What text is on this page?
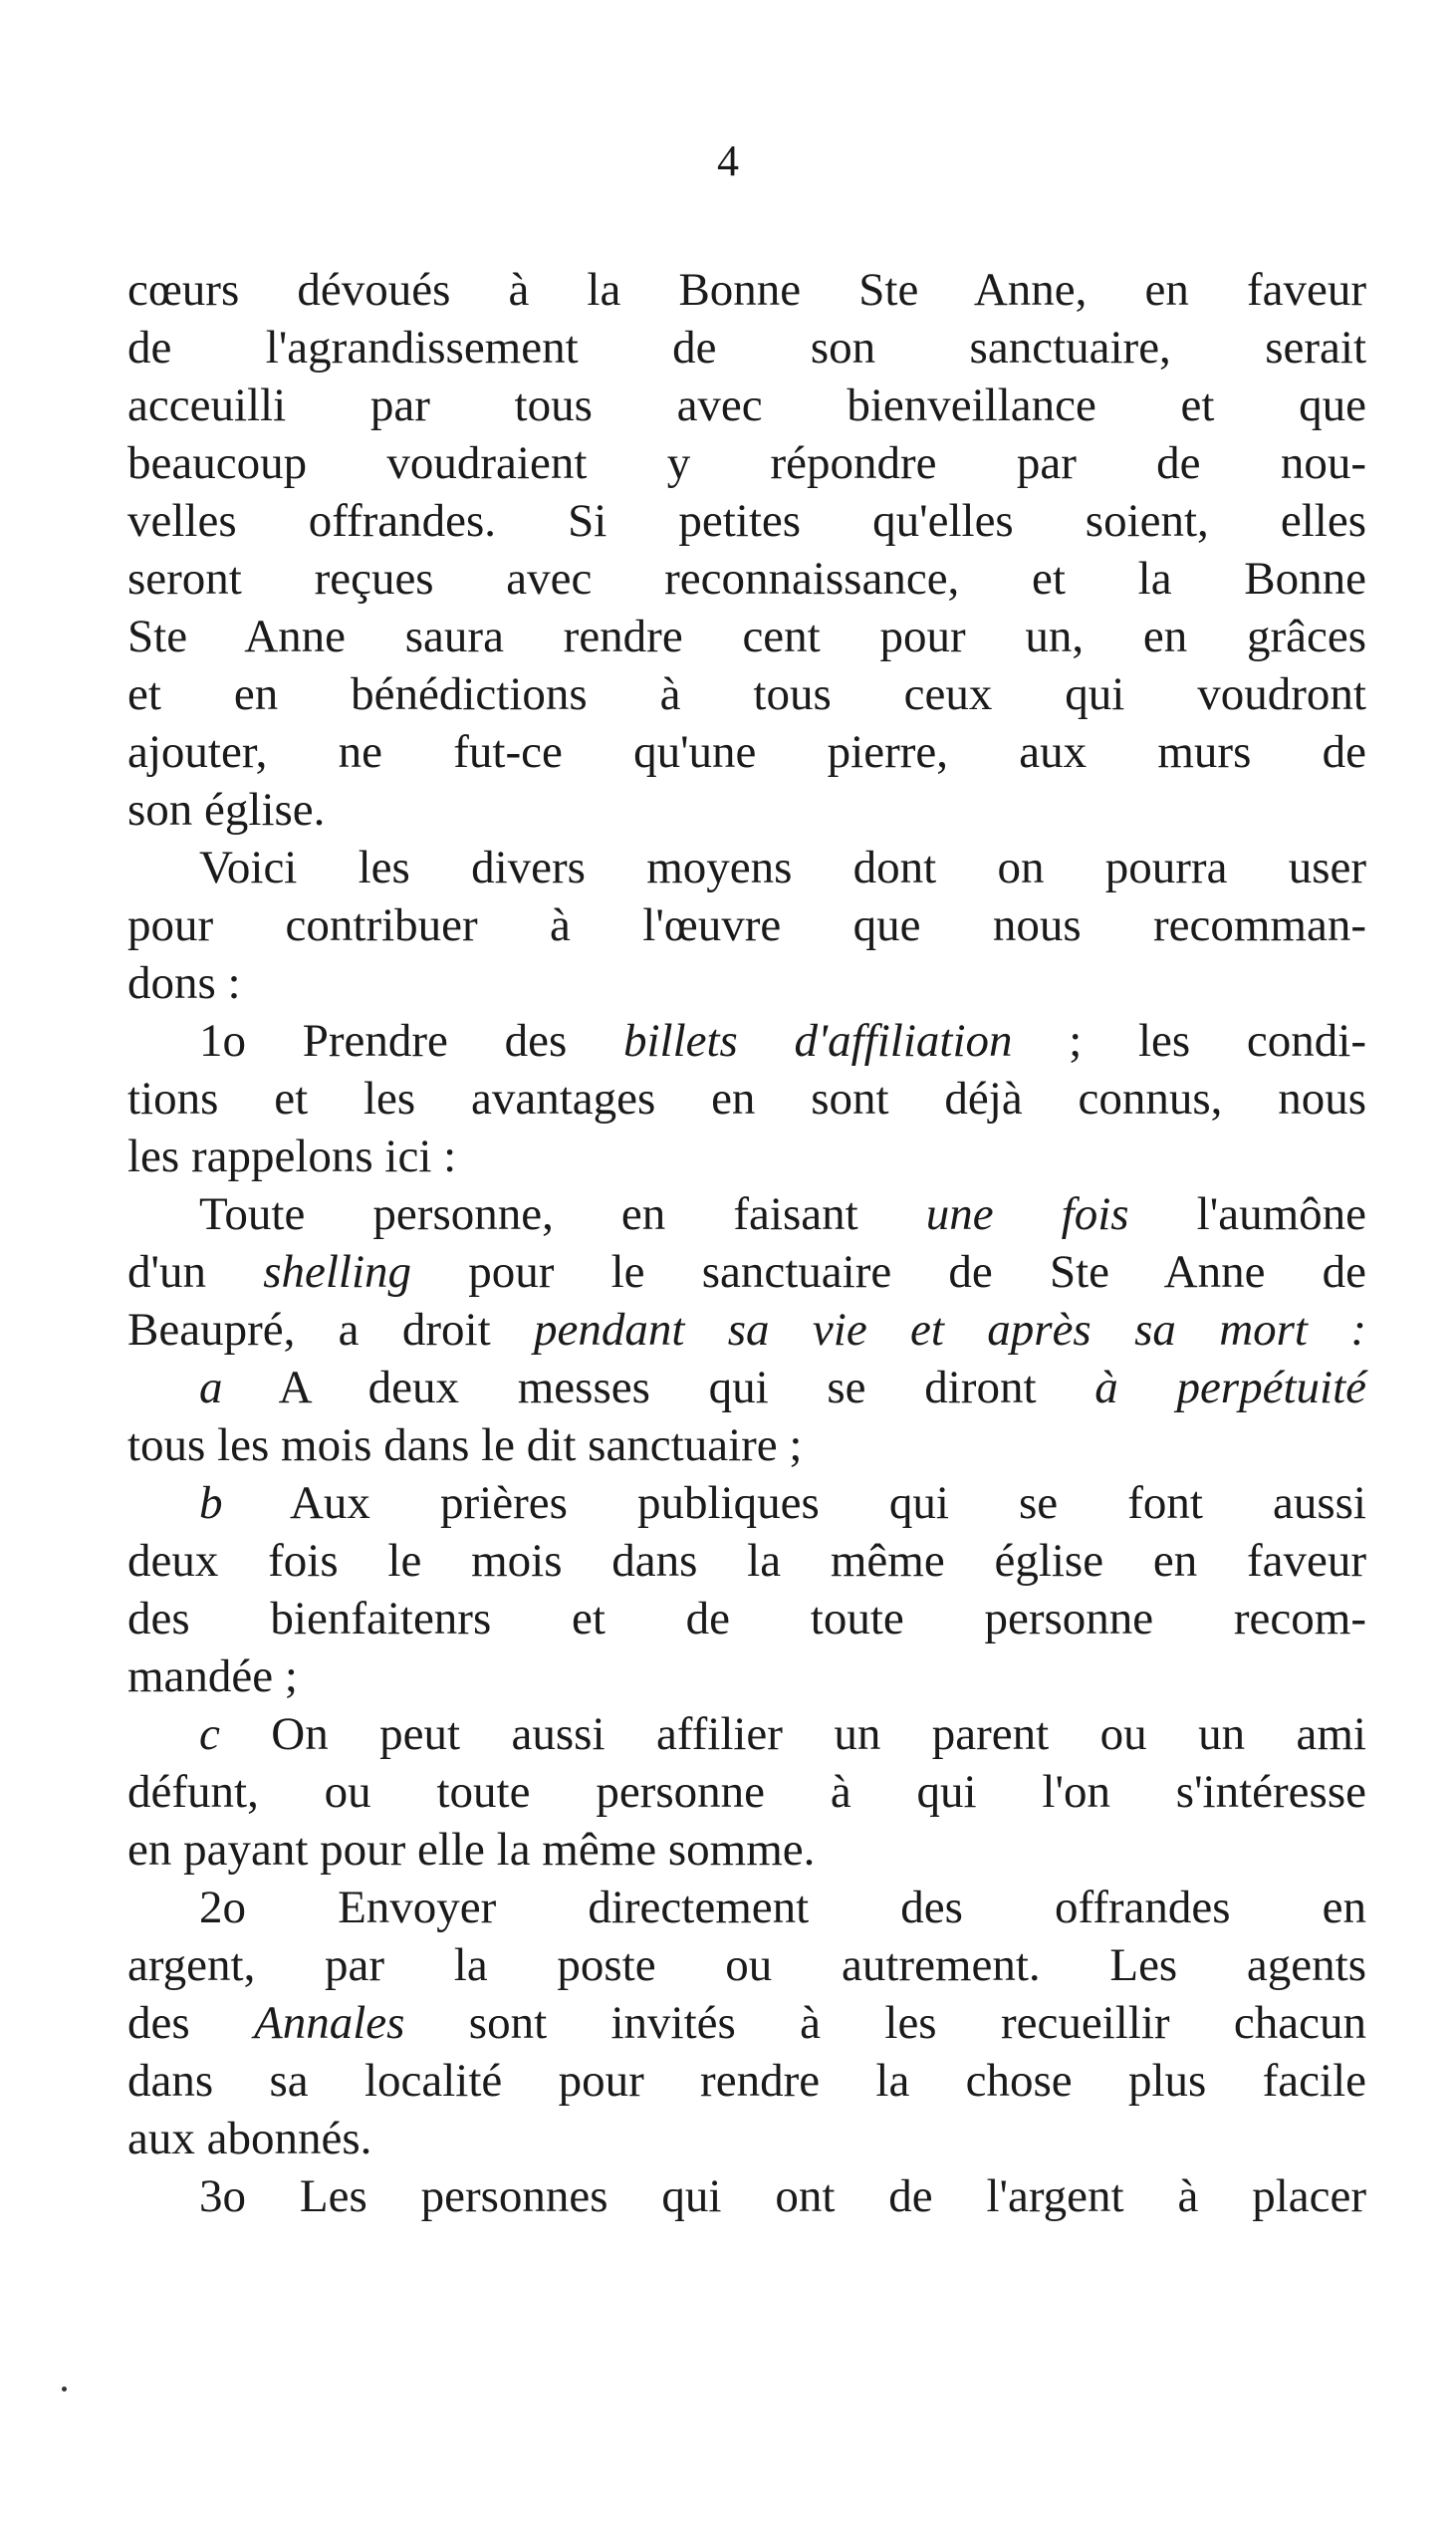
4
cœurs dévoués à la Bonne Ste Anne, en faveur
de l'agrandissement de son sanctuaire, serait
acceuilli par tous avec bienveillance et que
beaucoup voudraient y répondre par de nou-
velles offrandes. Si petites qu'elles soient, elles
seront reçues avec reconnaissance, et la Bonne
Ste Anne saura rendre cent pour un, en grâces
et en bénédictions à tous ceux qui voudront
ajouter, ne fut-ce qu'une pierre, aux murs de
son église.
Voici les divers moyens dont on pourra user
pour contribuer à l'œuvre que nous recomman-
dons :
1o Prendre des billets d'affiliation ; les condi-
tions et les avantages en sont déjà connus, nous
les rappelons ici :
Toute personne, en faisant une fois l'aumône
d'un shelling pour le sanctuaire de Ste Anne de
Beaupré, a droit pendant sa vie et après sa mort :
a A deux messes qui se diront à perpétuité
tous les mois dans le dit sanctuaire ;
b Aux prières publiques qui se font aussi
deux fois le mois dans la même église en faveur
des bienfaitenrs et de toute personne recom-
mandée ;
c On peut aussi affilier un parent ou un ami
défunt, ou toute personne à qui l'on s'intéresse
en payant pour elle la même somme.
2o Envoyer directement des offrandes en
argent, par la poste ou autrement. Les agents
des Annales sont invités à les recueillir chacun
dans sa localité pour rendre la chose plus facile
aux abonnés.
3o Les personnes qui ont de l'argent à placer
